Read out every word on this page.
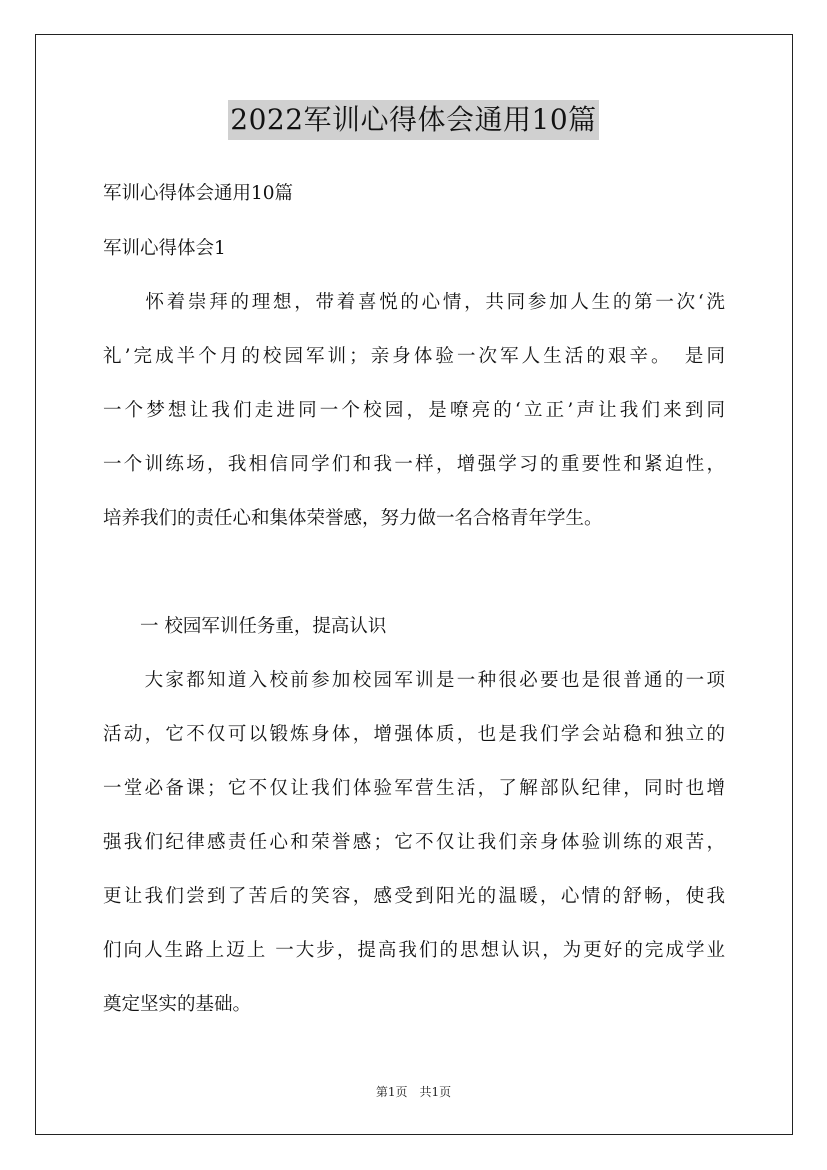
2022军训心得体会通用10篇
军训心得体会通用10篇
军训心得体会1
　　怀着崇拜的理想，带着喜悦的心情，共同参加人生的第一次‘洗
礼’完成半个月的校园军训；亲身体验一次军人生活的艰辛。　是同
一个梦想让我们走进同一个校园，是嘹亮的‘立正’声让我们来到同
一个训练场，我相信同学们和我一样，增强学习的重要性和紧迫性，
培养我们的责任心和集体荣誉感，努力做一名合格青年学生。
　　一 校园军训任务重，提高认识
　　大家都知道入校前参加校园军训是一种很必要也是很普通的一项
活动，它不仅可以锻炼身体，增强体质，也是我们学会站稳和独立的
一堂必备课；它不仅让我们体验军营生活，了解部队纪律，同时也增
强我们纪律感责任心和荣誉感；它不仅让我们亲身体验训练的艰苦，
更让我们尝到了苦后的笑容，感受到阳光的温暖，心情的舒畅，使我
们向人生路上迈上 一大步，提高我们的思想认识，为更好的完成学业
奠定坚实的基础。
第1页　共1页
